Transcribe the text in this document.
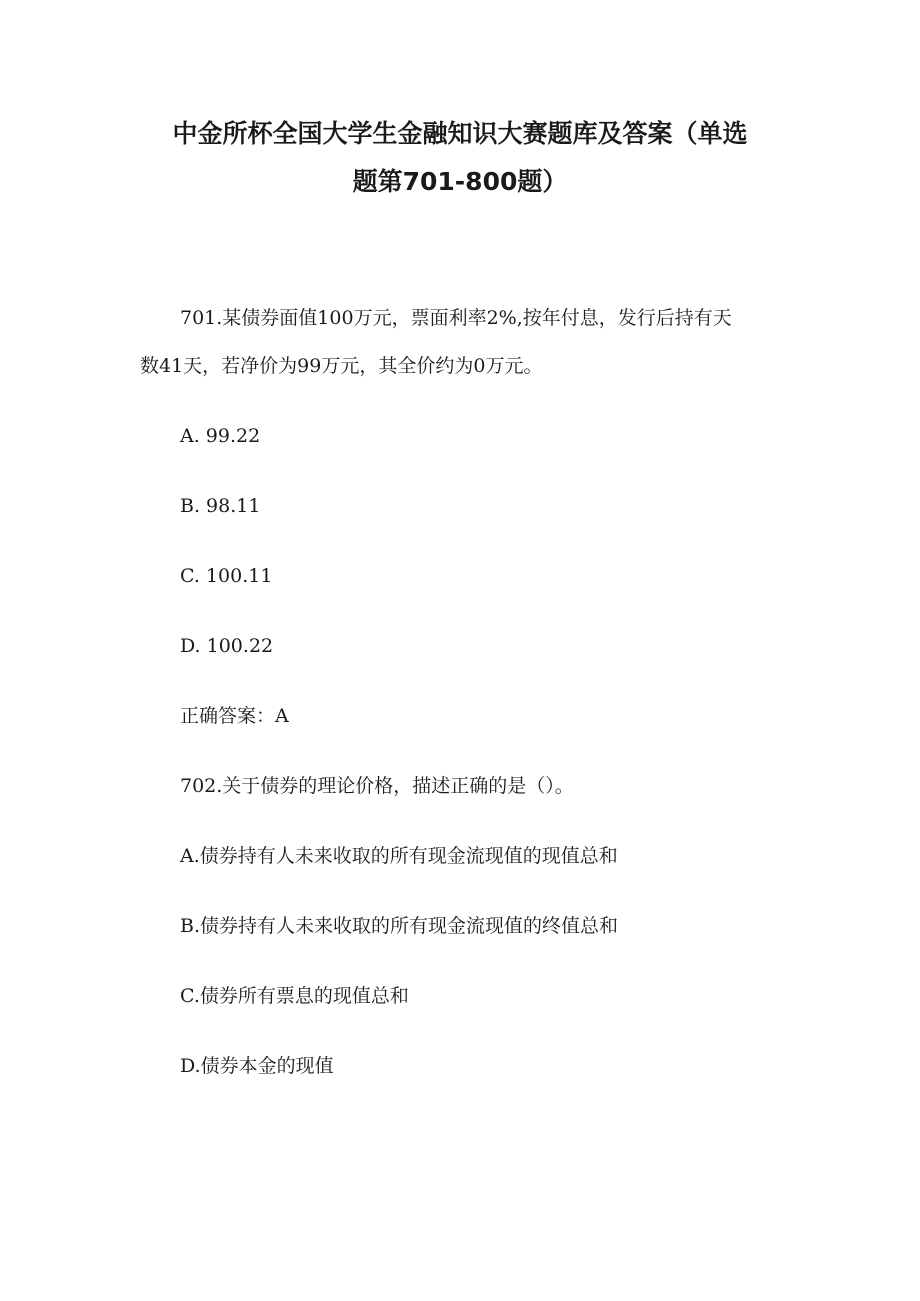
中金所杯全国大学生金融知识大赛题库及答案（单选
题第701-800题）

701.某债券面值100万元，票面利率2%,按年付息，发行后持有天

数41天，若净价为99万元，其全价约为0万元。

A. 99.22

B. 98.11

C. 100.11

D. 100.22

正确答案：A

702.关于债券的理论价格，描述正确的是（）。

A.债券持有人未来收取的所有现金流现值的现值总和

B.债券持有人未来收取的所有现金流现值的终值总和

C.债券所有票息的现值总和

D.债券本金的现值
